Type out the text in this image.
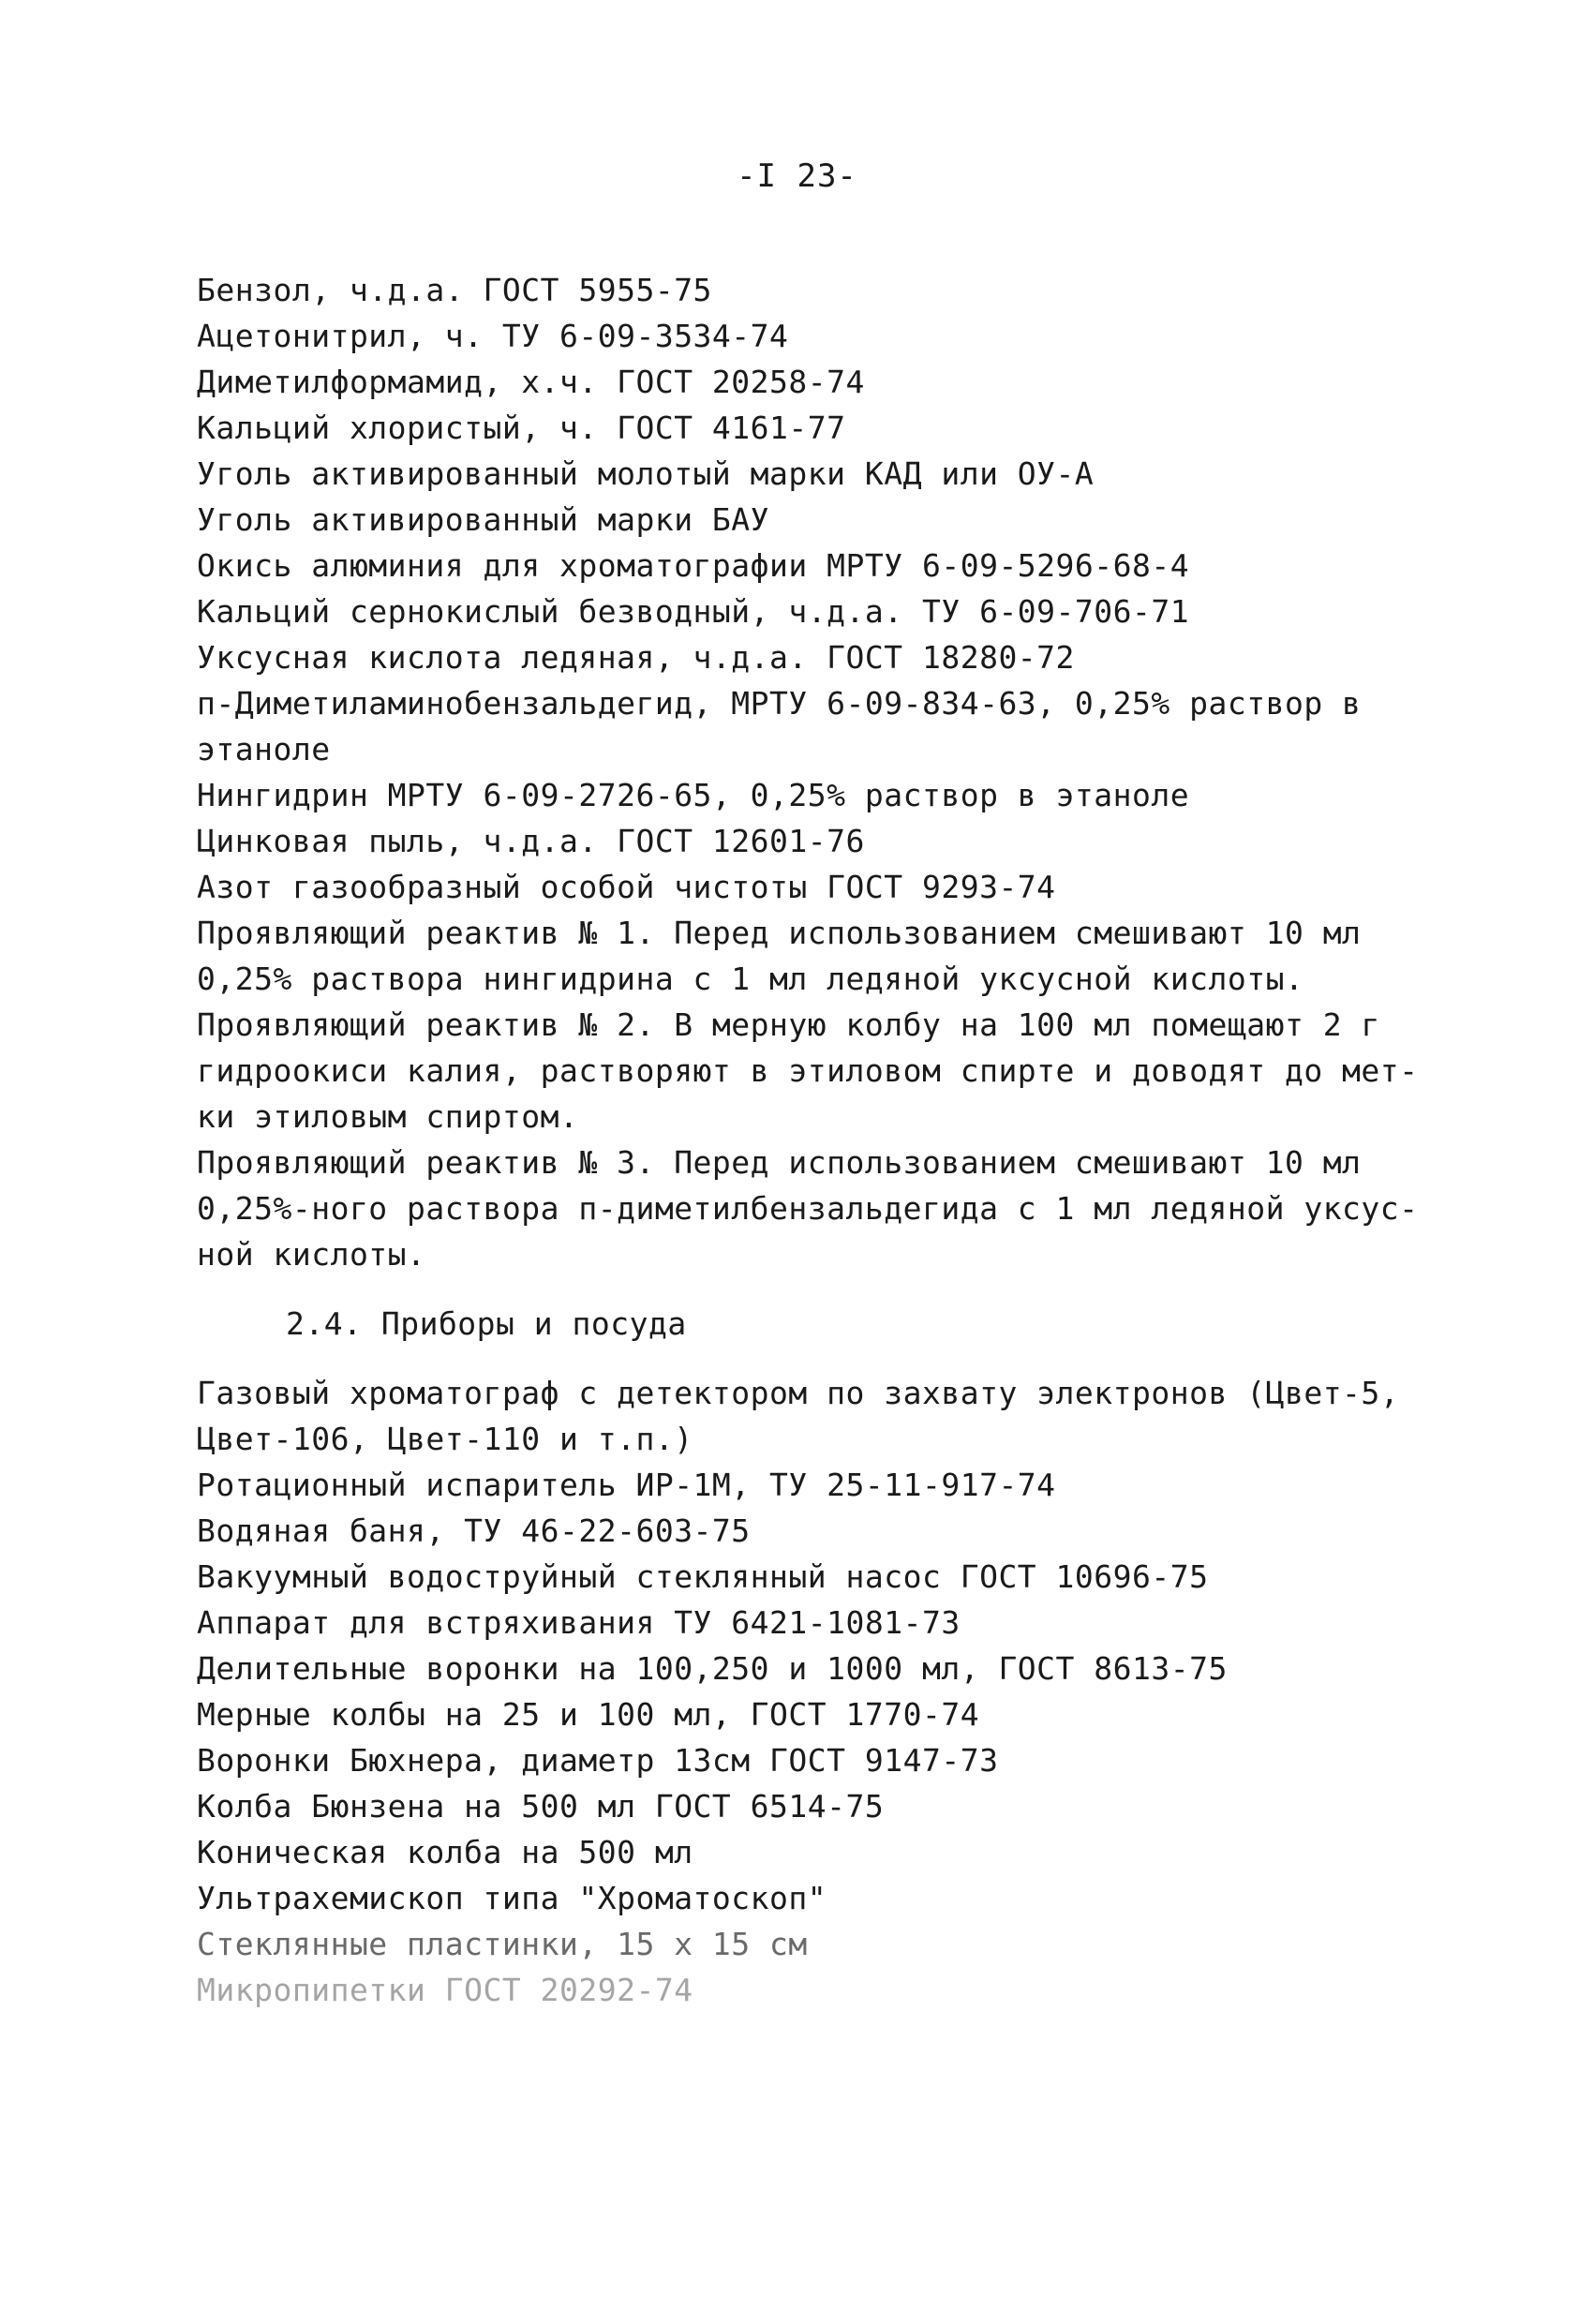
-I 23-
Бензол, ч.д.а. ГОСТ 5955-75
Ацетонитрил, ч. ТУ 6-09-3534-74
Диметилформамид, х.ч. ГОСТ 20258-74
Кальций хлористый, ч. ГОСТ 4161-77
Уголь активированный молотый марки КАД или ОУ-А
Уголь активированный марки БАУ
Окись алюминия для хроматографии МРТУ 6-09-5296-68-4
Кальций сернокислый безводный, ч.д.а. ТУ 6-09-706-71
Уксусная кислота ледяная, ч.д.а. ГОСТ 18280-72
п-Диметиламинобензальдегид, МРТУ 6-09-834-63, 0,25% раствор в
этаноле
Нингидрин МРТУ 6-09-2726-65, 0,25% раствор в этаноле
Цинковая пыль, ч.д.а. ГОСТ 12601-76
Азот газообразный особой чистоты ГОСТ 9293-74
Проявляющий реактив № 1. Перед использованием смешивают 10 мл
0,25% раствора нингидрина с 1 мл ледяной уксусной кислоты.
Проявляющий реактив № 2. В мерную колбу на 100 мл помещают 2 г
гидроокиси калия, растворяют в этиловом спирте и доводят до мет-
ки этиловым спиртом.
Проявляющий реактив № 3. Перед использованием смешивают 10 мл
0,25%-ного раствора п-диметилбензальдегида с 1 мл ледяной уксус-
ной кислоты.
2.4. Приборы и посуда
Газовый хроматограф с детектором по захвату электронов (Цвет-5,
Цвет-106, Цвет-110 и т.п.)
Ротационный испаритель ИР-1М, ТУ 25-11-917-74
Водяная баня, ТУ 46-22-603-75
Вакуумный водоструйный стеклянный насос ГОСТ 10696-75
Аппарат для встряхивания ТУ 6421-1081-73
Делительные воронки на 100,250 и 1000 мл, ГОСТ 8613-75
Мерные колбы на 25 и 100 мл, ГОСТ 1770-74
Воронки Бюхнера, диаметр 13см ГОСТ 9147-73
Колба Бюнзена на 500 мл ГОСТ 6514-75
Коническая колба на 500 мл
Ультрахемископ типа "Хроматоскоп"
Стеклянные пластинки, 15 х 15 см
Микропипетки ГОСТ 20292-74
